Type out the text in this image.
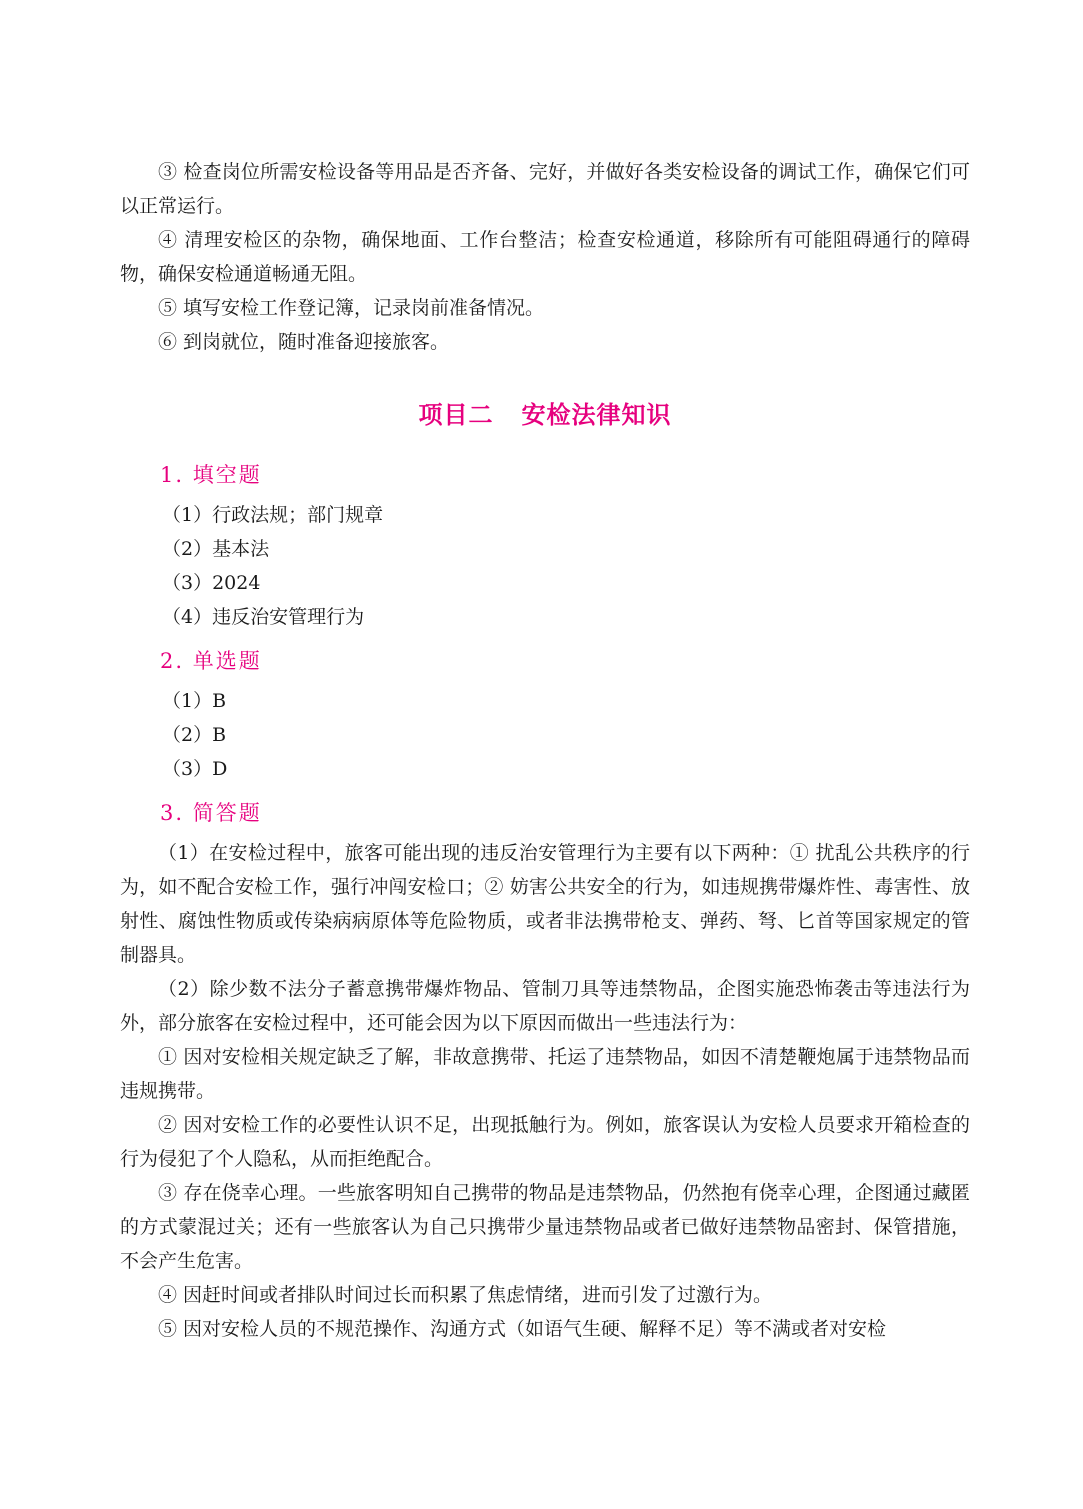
③ 检查岗位所需安检设备等用品是否齐备、完好，并做好各类安检设备的调试工作，确保它们可以正常运行。

④ 清理安检区的杂物，确保地面、工作台整洁；检查安检通道，移除所有可能阻碍通行的障碍物，确保安检通道畅通无阻。

⑤ 填写安检工作登记簿，记录岗前准备情况。

⑥ 到岗就位，随时准备迎接旅客。

项目二 安检法律知识
1. 填空题
（1）行政法规；部门规章
（2）基本法
（3）2024
（4）违反治安管理行为
2. 单选题
（1）B
（2）B
（3）D
3. 简答题

（1）在安检过程中，旅客可能出现的违反治安管理行为主要有以下两种：① 扰乱公共秩序的行为，如不配合安检工作，强行冲闯安检口；② 妨害公共安全的行为，如违规携带爆炸性、毒害性、放射性、腐蚀性物质或传染病病原体等危险物质，或者非法携带枪支、弹药、弩、匕首等国家规定的管制器具。

（2）除少数不法分子蓄意携带爆炸物品、管制刀具等违禁物品，企图实施恐怖袭击等违法行为外，部分旅客在安检过程中，还可能会因为以下原因而做出一些违法行为：

① 因对安检相关规定缺乏了解，非故意携带、托运了违禁物品，如因不清楚鞭炮属于违禁物品而违规携带。

② 因对安检工作的必要性认识不足，出现抵触行为。例如，旅客误认为安检人员要求开箱检查的行为侵犯了个人隐私，从而拒绝配合。

③ 存在侥幸心理。一些旅客明知自己携带的物品是违禁物品，仍然抱有侥幸心理，企图通过藏匿的方式蒙混过关；还有一些旅客认为自己只携带少量违禁物品或者已做好违禁物品密封、保管措施，不会产生危害。

④ 因赶时间或者排队时间过长而积累了焦虑情绪，进而引发了过激行为。

⑤ 因对安检人员的不规范操作、沟通方式（如语气生硬、解释不足）等不满或者对安检
